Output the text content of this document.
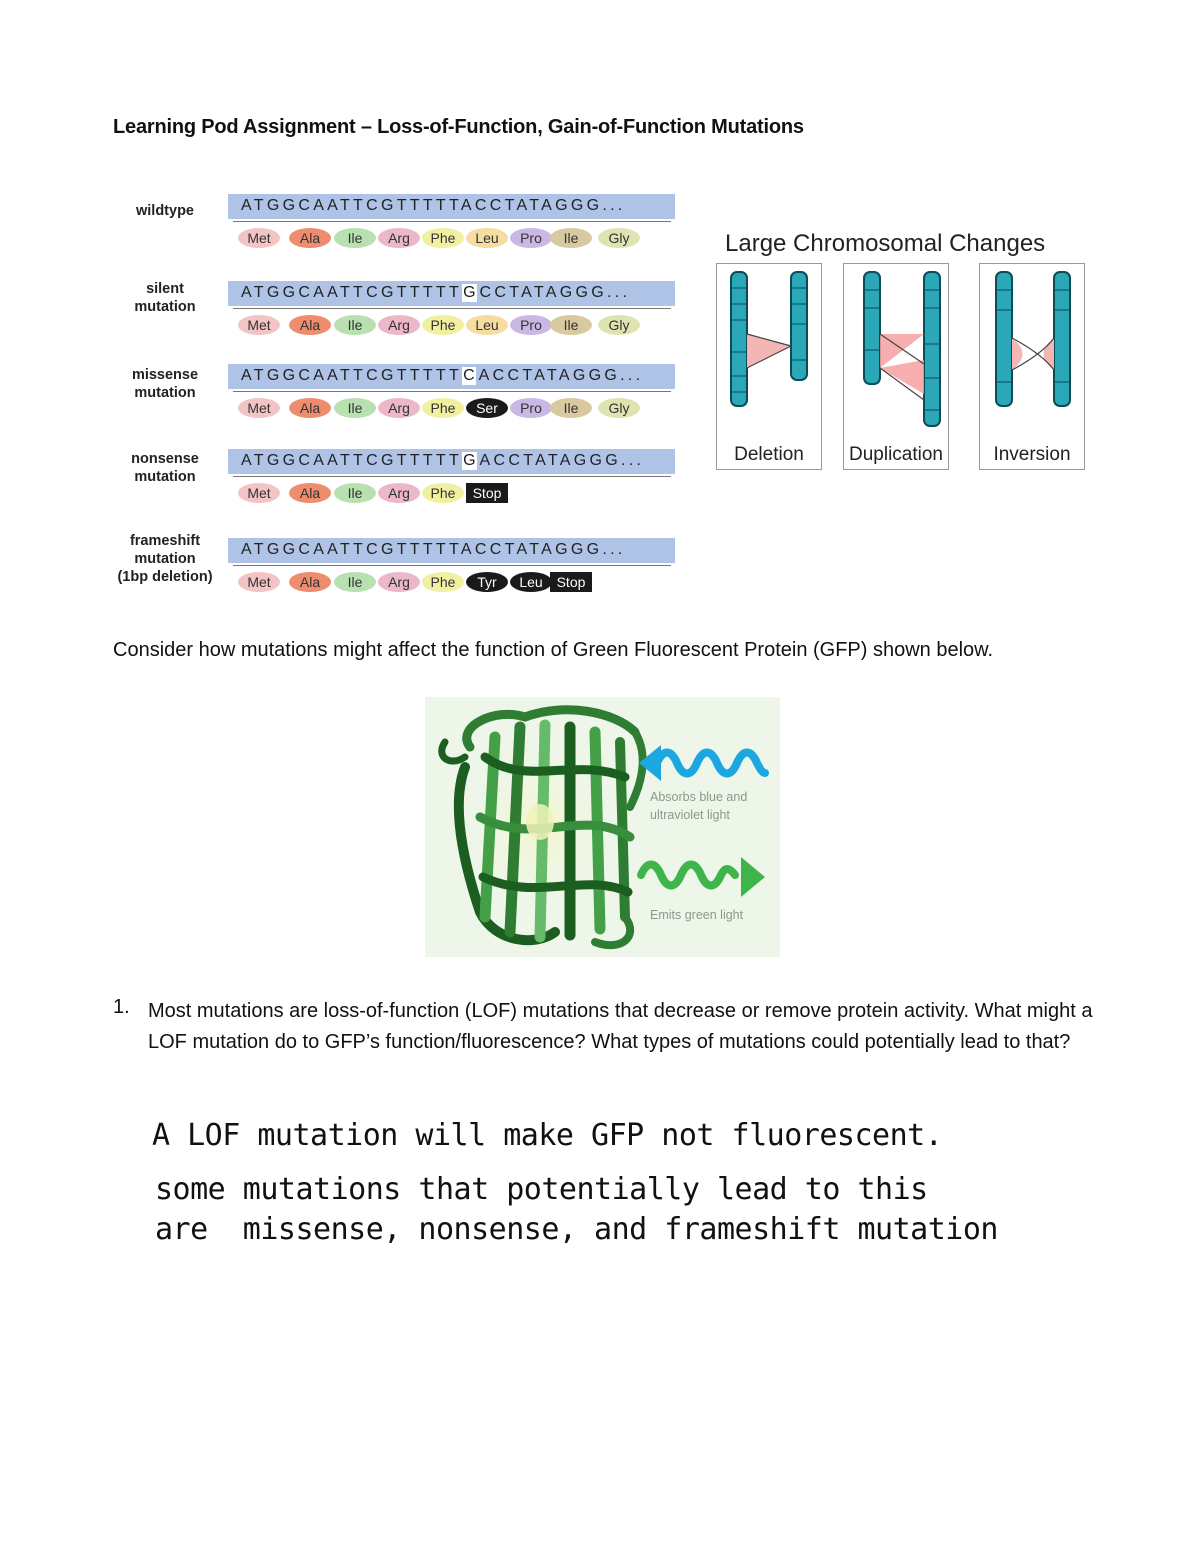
Learning Pod Assignment – Loss-of-Function, Gain-of-Function Mutations
wildtype	ATGGCAATTCGTTTTTACCTATAGGG...
Met	Ala	Ile	Arg	Phe	Leu	Pro	Ile	Gly
silent
mutation
ATGGCAATTCGTTTTTG CCTATAGGG...
Met	Ala	Ile	Arg	Phe	Leu	Pro	Ile	Gly
missense
mutation
ATGGCAATTCGTTTTTC ACCTATAGGG...
Met	Ala	Ile	Arg	Phe	Ser	Pro	Ile	Gly
nonsense
mutation
ATGGCAATTCGTTTTTG ACCTATAGGG...
Met	Ala	Ile	Arg	Phe	Stop
frameshift
mutation
(1bp deletion)
ATGGCAATTCGTTTTTACCTATAGGG...
Met	Ala	Ile	Arg	Phe	Tyr	Leu Stop
Large Chromosomal Changes
Deletion	Duplication	Inversion
Consider how mutations might affect the function of Green Fluorescent Protein (GFP) shown below.
Absorbs blue and
ultraviolet light
Emits green light
1. Most mutations are loss-of-function (LOF) mutations that decrease or remove protein activity. What might a LOF mutation do to GFP’s function/fluorescence? What types of mutations could potentially lead to that?
A LOF mutation will make GFP not fluorescent.
some mutations that potentially lead to this
are  missense, nonsense, and frameshift mutation
